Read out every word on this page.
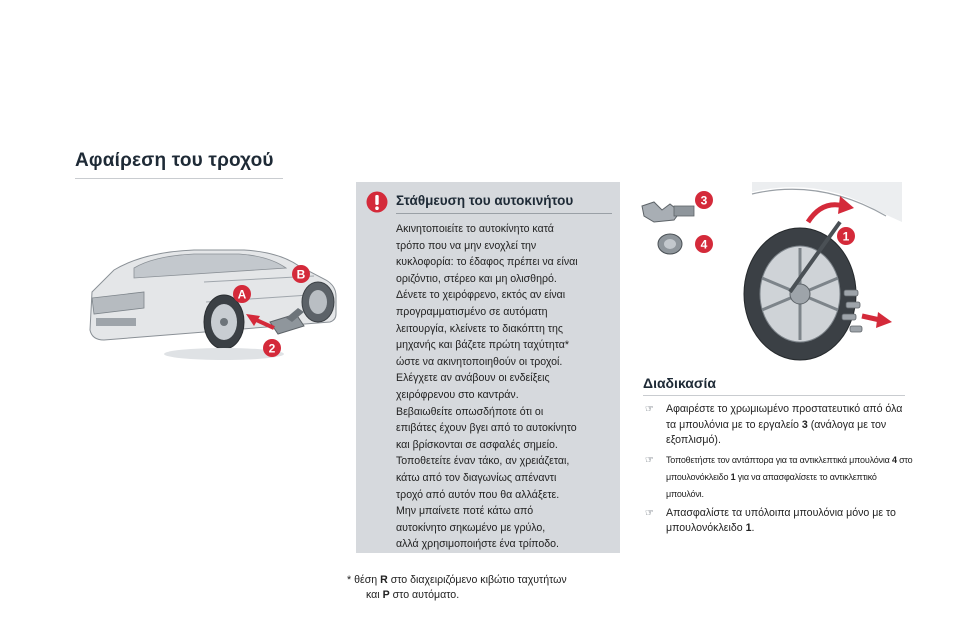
Αφαίρεση του τροχού
A
B
2
3
4
1
Στάθμευση του αυτοκινήτου
Ακινητοποιείτε το αυτοκίνητο κατά
τρόπο που να μην ενοχλεί την
κυκλοφορία: το έδαφος πρέπει να είναι
οριζόντιο, στέρεο και μη ολισθηρό.
Δένετε το χειρόφρενο, εκτός αν είναι
προγραμματισμένο σε αυτόματη
λειτουργία, κλείνετε το διακόπτη της
μηχανής και βάζετε πρώτη ταχύτητα*
ώστε να ακινητοποιηθούν οι τροχοί.
Ελέγχετε αν ανάβουν οι ενδείξεις
χειρόφρενου στο καντράν.
Βεβαιωθείτε οπωσδήποτε ότι οι
επιβάτες έχουν βγει από το αυτοκίνητο
και βρίσκονται σε ασφαλές σημείο.
Τοποθετείτε έναν τάκο, αν χρειάζεται,
κάτω από τον διαγωνίως απέναντι
τροχό από αυτόν που θα αλλάξετε.
Μην μπαίνετε ποτέ κάτω από
αυτοκίνητο σηκωμένο με γρύλο,
αλλά χρησιμοποιήστε ένα τρίποδο.
* θέση R στο διαχειριζόμενο κιβώτιο ταχυτήτων
και P στο αυτόματο.
Διαδικασία
☞ Αφαιρέστε το χρωμιωμένο προστατευτικό από όλα τα μπουλόνια με το εργαλείο 3 (ανάλογα με τον εξοπλισμό).
☞ Τοποθετήστε τον αντάπτορα για τα αντικλεπτικά μπουλόνια 4 στο μπουλονόκλειδο 1 για να απασφαλίσετε το αντικλεπτικό μπουλόνι.
☞ Απασφαλίστε τα υπόλοιπα μπουλόνια μόνο με το μπουλονόκλειδο 1.
